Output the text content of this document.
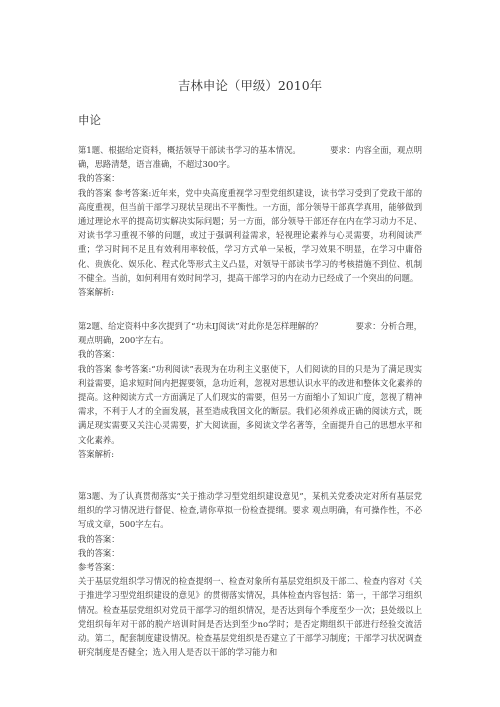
吉林申论（甲级）2010年
申论

第1题、根据给定资料，概括领导干部读书学习的基本情况。　　　　要求：内容全面，观点明确，思路清楚，语言准确，不超过300字。

我的答案：

我的答案 参考答案:近年来，党中央高度重视学习型党组织建设，读书学习受到了党政干部的高度重视，但当前干部学习现状呈现出不平衡性。一方面，部分领导干部真学真用，能够做到通过理论水平的提高切实解决实际问题；另一方面，部分领导干部还存在内在学习动力不足、对读书学习重视不够的问题，或过于强调利益需求，轻视理论素养与心灵需要，功利阅读严重；学习时间不足且有效利用率较低，学习方式单一呆板，学习效果不明显，在学习中庸俗化、贵族化、娱乐化、程式化等形式主义凸显，对领导干部读书学习的考核措施不到位、机制不健全。当前，如何利用有效时间学习，提高干部学习的内在动力已经成了一个突出的问题。

答案解析:

第2题、给定资料中多次提到了“功未IJ阅读”对此你是怎样理解的？　　　　要求：分析合理，观点明确，200字左右。

我的答案：

我的答案 参考答案:“功利阅读”表现为在功利主义驱使下，人们阅读的目的只是为了满足现实利益需要，追求短时间内把握要领，急功近利，忽视对思想认识水平的改进和整体文化素养的提高。这种阅读方式一方面满足了人们现实的需要，但另一方面缩小了知识广度，忽视了精神需求，不利于人才的全面发展，甚至造成我国文化的断层。我们必须养成正确的阅读方式，既满足现实需要又关注心灵需要，扩大阅读面，多阅读文学名著等，全面提升自己的思想水平和文化素养。

答案解析:

第3题、为了认真贯彻落实“关于推动学习型党组织建设意见”，某机关党委决定对所有基层党组织的学习情况进行督促、检查,请你草拟一份检查提纲。要求 观点明确，有可操作性，不必写成文章，500字左右。

我的答案：

我的答案：

参考答案：

关于基层党组织学习情况的检查提纲一、检查对象所有基层党组织及干部二、检查内容对《关于推进学习型党组织建设的意见》的贯彻落实情况，具体检查内容包括：第一，干部学习组织情况。检查基层党组织对党员干部学习的组织情况，是否达到每个季度至少一次；县处级以上党组织每年对干部的脱产培训时间是否达到至少no学时；是否定期组织干部进行经验交流活动。第二，配套制度建设情况。检查基层党组织是否建立了干部学习制度；干部学习状况调查研究制度是否健全；选入用人是否以干部的学习能力和
